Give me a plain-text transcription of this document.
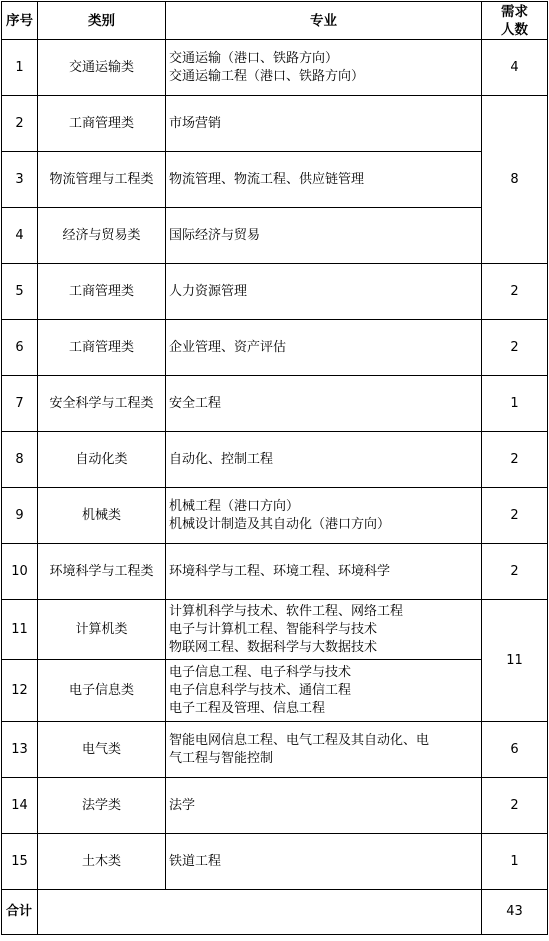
序号	类别	专业	需求
人数

1	交通运输类	交通运输（港口、铁路方向）
交通运输工程（港口、铁路方向）	4
2	工商管理类	市场营销	8
3	物流管理与工程类	物流管理、物流工程、供应链管理	

4	经济与贸易类	国际经济与贸易	

5	工商管理类	人力资源管理	2
6	工商管理类	企业管理、资产评估	2
7	安全科学与工程类	安全工程	1
8	自动化类	自动化、控制工程	2
9	机械类	机械工程（港口方向）
机械设计制造及其自动化（港口方向）	2
10	环境科学与工程类	环境科学与工程、环境工程、环境科学	2
11	计算机类	计算机科学与技术、软件工程、网络工程
电子与计算机工程、智能科学与技术
物联网工程、数据科学与大数据技术	11
12	电子信息类	电子信息工程、电子科学与技术
电子信息科学与技术、通信工程
电子工程及管理、信息工程	

13	电气类	智能电网信息工程、电气工程及其自动化、电
气工程与智能控制	6
14	法学类	法学	2
15	土木类	铁道工程	1
合计			43
